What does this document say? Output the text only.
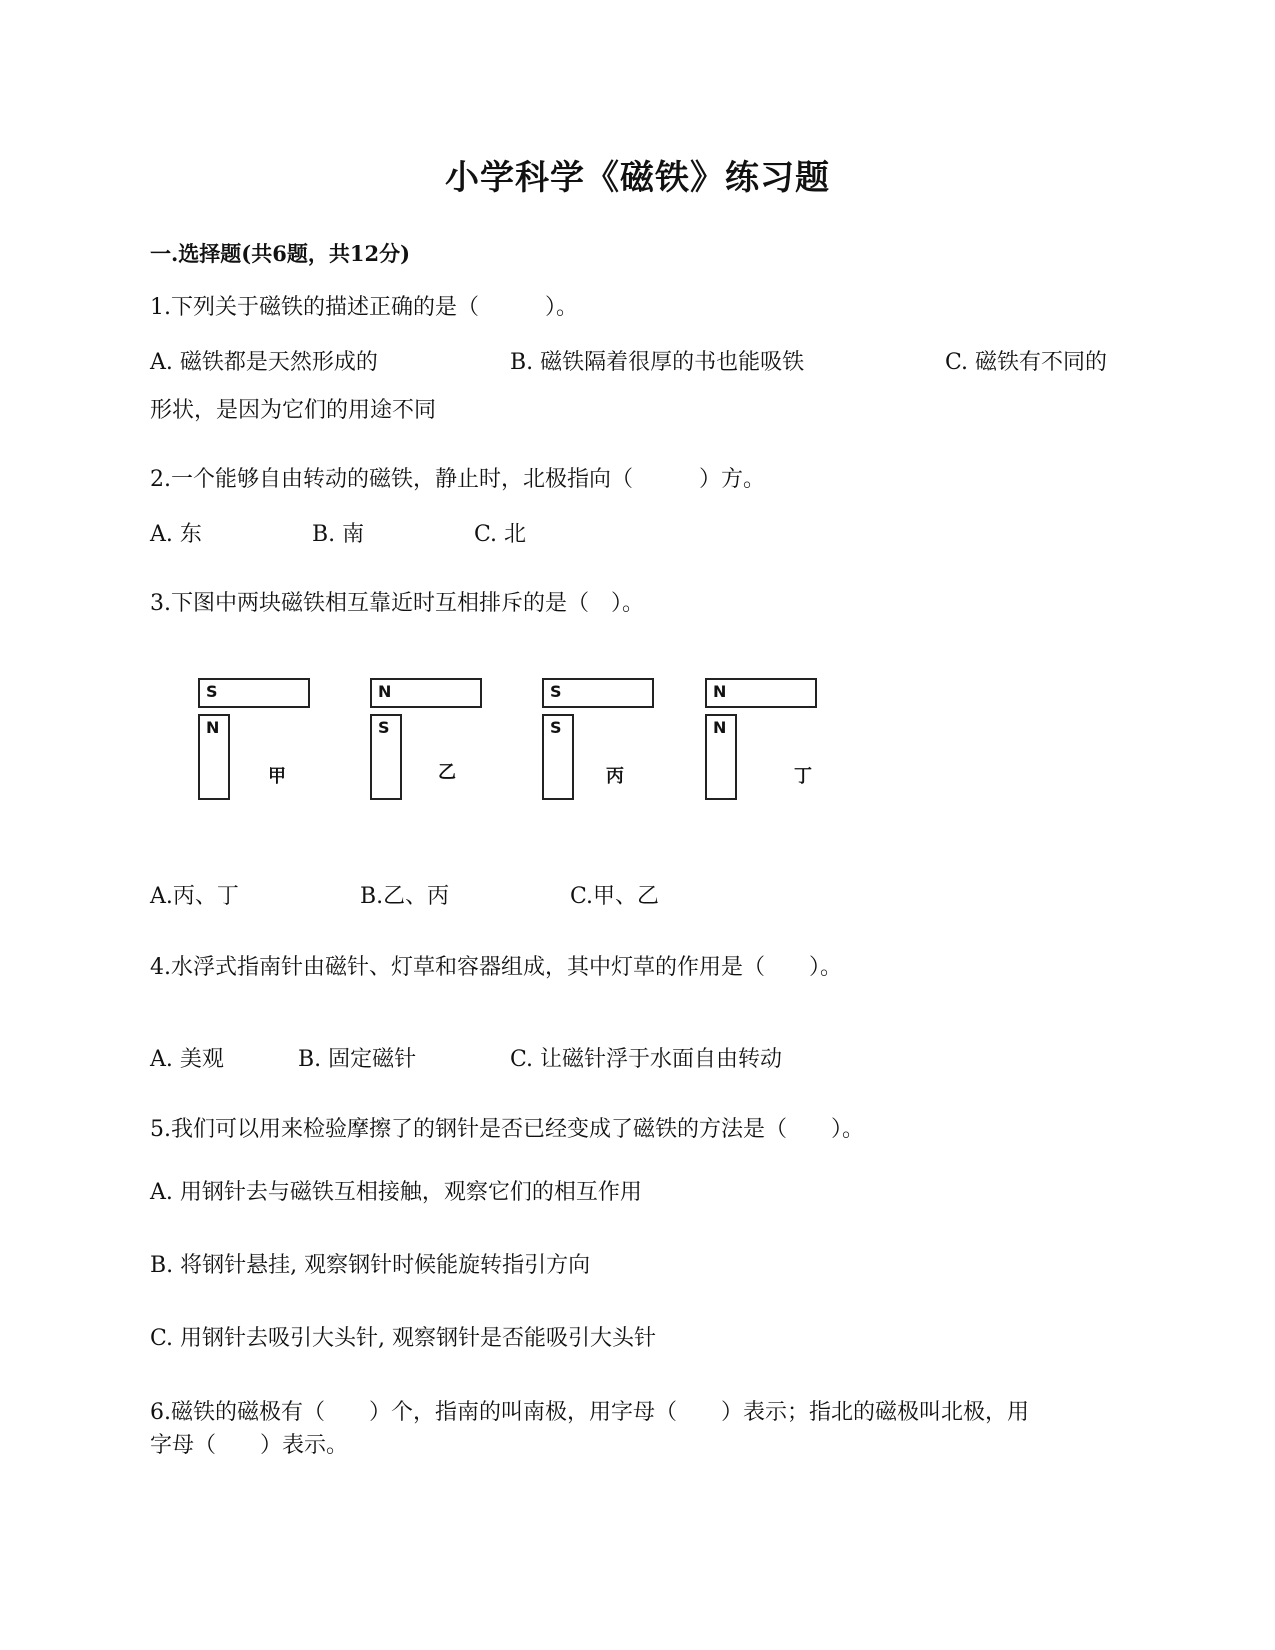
小学科学《磁铁》练习题
一.选择题(共6题，共12分)
1.下列关于磁铁的描述正确的是（　　　）。
A. 磁铁都是天然形成的	B. 磁铁隔着很厚的书也能吸铁	C. 磁铁有不同的
形状，是因为它们的用途不同
2.一个能够自由转动的磁铁，静止时，北极指向（　　　）方。
A. 东	B. 南	C. 北
3.下图中两块磁铁相互靠近时互相排斥的是（　）。
S
N
甲
N
S
乙
S
S
丙
N
N
丁
A.丙、丁	B.乙、丙	C.甲、乙
4.水浮式指南针由磁针、灯草和容器组成，其中灯草的作用是（　　）。
A. 美观	B. 固定磁针	C. 让磁针浮于水面自由转动
5.我们可以用来检验摩擦了的钢针是否已经变成了磁铁的方法是（　　）。
A. 用钢针去与磁铁互相接触，观察它们的相互作用
B. 将钢针悬挂, 观察钢针时候能旋转指引方向
C. 用钢针去吸引大头针, 观察钢针是否能吸引大头针
6.磁铁的磁极有（　　）个，指南的叫南极，用字母（　　）表示；指北的磁极叫北极，用
字母（　　）表示。
